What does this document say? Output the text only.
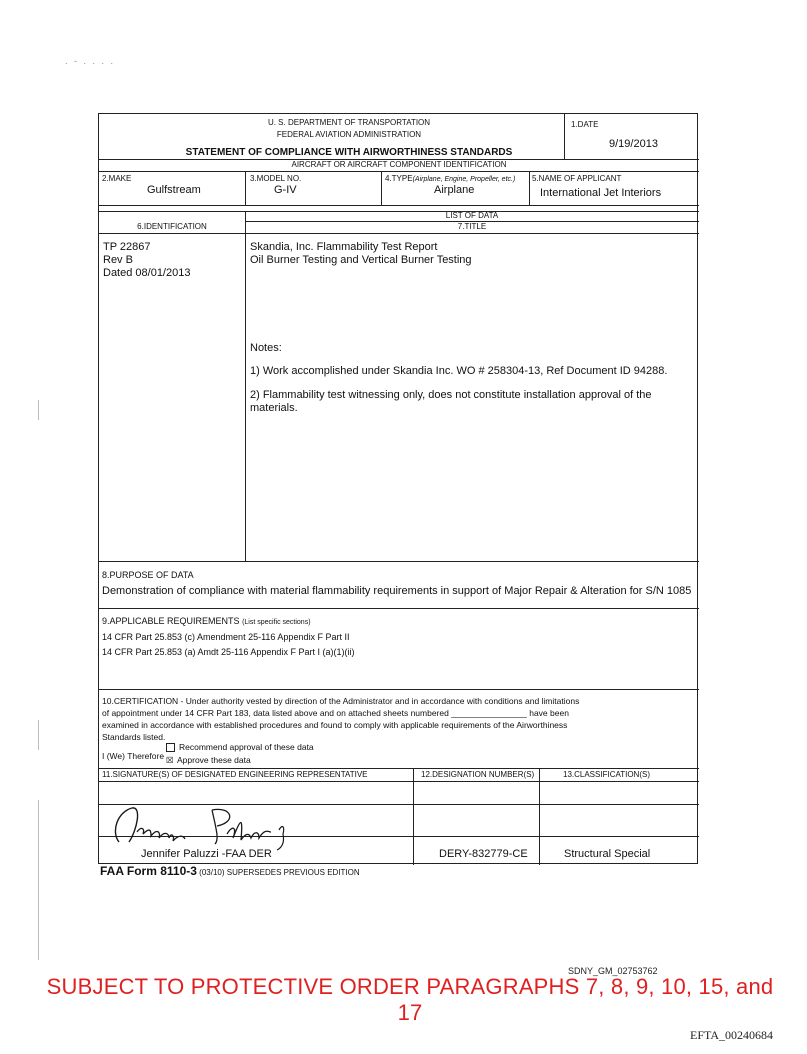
. - . . . .
U. S. DEPARTMENT OF TRANSPORTATION
FEDERAL AVIATION ADMINISTRATION
STATEMENT OF COMPLIANCE WITH AIRWORTHINESS STANDARDS
1.DATE
9/19/2013
AIRCRAFT OR AIRCRAFT COMPONENT IDENTIFICATION
2.MAKE
Gulfstream
3.MODEL NO.
G-IV
4.TYPE(Airplane, Engine, Propeller, etc.)
Airplane
5.NAME OF APPLICANT
International Jet Interiors
LIST OF DATA
6.IDENTIFICATION	7.TITLE
TP 22867
Rev B
Dated 08/01/2013
Skandia, Inc. Flammability Test Report
Oil Burner Testing and Vertical Burner Testing
Notes:
1) Work accomplished under Skandia Inc. WO # 258304-13, Ref Document ID 94288.
2) Flammability test witnessing only, does not constitute installation approval of the
materials.
8.PURPOSE OF DATA
Demonstration of compliance with material flammability requirements in support of Major Repair & Alteration for S/N 1085
9.APPLICABLE REQUIREMENTS (List specific sections)
14 CFR Part 25.853 (c) Amendment 25-116 Appendix F Part II
14 CFR Part 25.853 (a) Amdt 25-116 Appendix F Part I (a)(1)(ii)
10.CERTIFICATION - Under authority vested by direction of the Administrator and in accordance with conditions and limitations
of appointment under 14 CFR Part 183, data listed above and on attached sheets numbered ________________ have been
examined in accordance with established procedures and found to comply with applicable requirements of the Airworthiness
Standards listed.
I (We) Therefore
Recommend approval of these data
☒ Approve these data
11.SIGNATURE(S) OF DESIGNATED ENGINEERING REPRESENTATIVE	12.DESIGNATION NUMBER(S)	13.CLASSIFICATION(S)
Jennifer Paluzzi -FAA DER	DERY-832779-CE	Structural Special
FAA Form 8110-3 (03/10) SUPERSEDES PREVIOUS EDITION
SDNY_GM_02753762
SUBJECT TO PROTECTIVE ORDER PARAGRAPHS 7, 8, 9, 10, 15, and 17
EFTA_00240684
